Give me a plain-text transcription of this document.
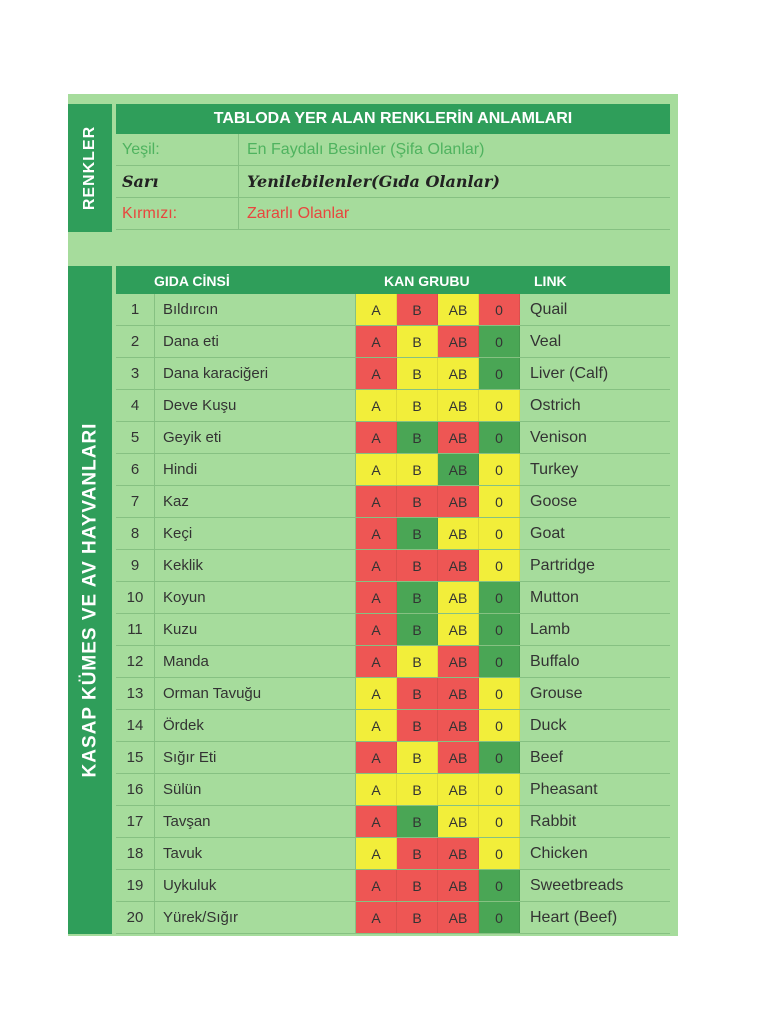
RENKLER
TABLODA YER ALAN RENKLERİN ANLAMLARI
Yeşil:	En Faydalı Besinler (Şifa Olanlar)
Sarı	Yenilebilenler(Gıda Olanlar)
Kırmızı:	Zararlı Olanlar
KASAP KÜMES VE AV HAYVANLARI
GIDA CİNSİ	KAN GRUBU	LINK
1	Bıldırcın	A	B	AB	0	Quail
2	Dana eti	A	B	AB	0	Veal
3	Dana karaciğeri	A	B	AB	0	Liver (Calf)
4	Deve Kuşu	A	B	AB	0	Ostrich
5	Geyik eti	A	B	AB	0	Venison
6	Hindi	A	B	AB	0	Turkey
7	Kaz	A	B	AB	0	Goose
8	Keçi	A	B	AB	0	Goat
9	Keklik	A	B	AB	0	Partridge
10	Koyun	A	B	AB	0	Mutton
11	Kuzu	A	B	AB	0	Lamb
12	Manda	A	B	AB	0	Buffalo
13	Orman Tavuğu	A	B	AB	0	Grouse
14	Ördek	A	B	AB	0	Duck
15	Sığır Eti	A	B	AB	0	Beef
16	Sülün	A	B	AB	0	Pheasant
17	Tavşan	A	B	AB	0	Rabbit
18	Tavuk	A	B	AB	0	Chicken
19	Uykuluk	A	B	AB	0	Sweetbreads
20	Yürek/Sığır	A	B	AB	0	Heart (Beef)
